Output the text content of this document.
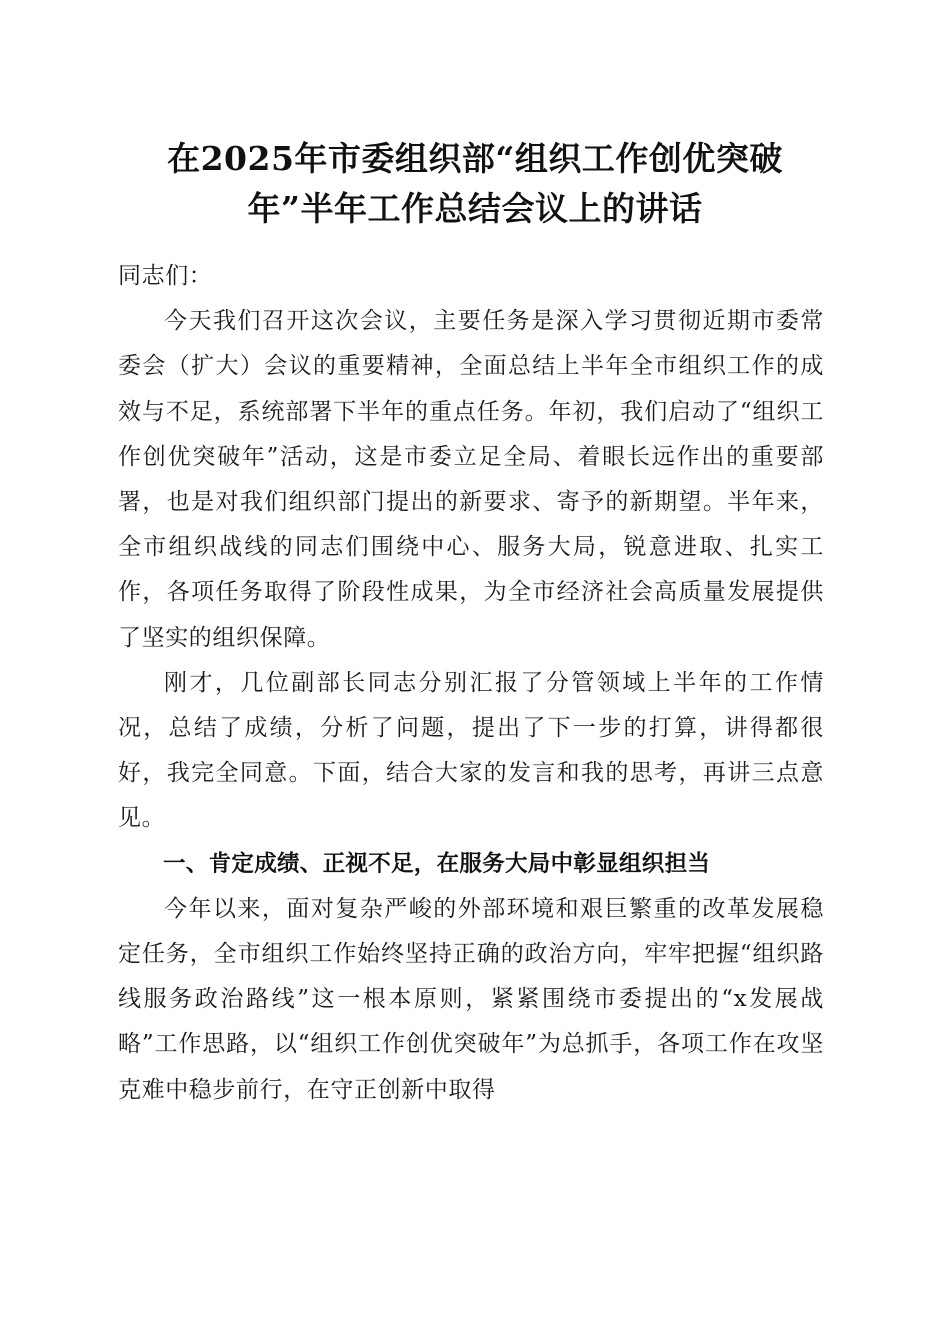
在2025年市委组织部“组织工作创优突破
年”半年工作总结会议上的讲话

同志们：

今天我们召开这次会议，主要任务是深入学习贯彻近期市委常委会（扩大）会议的重要精神，全面总结上半年全市组织工作的成效与不足，系统部署下半年的重点任务。年初，我们启动了“组织工作创优突破年”活动，这是市委立足全局、着眼长远作出的重要部署，也是对我们组织部门提出的新要求、寄予的新期望。半年来，全市组织战线的同志们围绕中心、服务大局，锐意进取、扎实工作，各项任务取得了阶段性成果，为全市经济社会高质量发展提供了坚实的组织保障。

刚才，几位副部长同志分别汇报了分管领域上半年的工作情况，总结了成绩，分析了问题，提出了下一步的打算，讲得都很好，我完全同意。下面，结合大家的发言和我的思考，再讲三点意见。

一、肯定成绩、正视不足，在服务大局中彰显组织担当

今年以来，面对复杂严峻的外部环境和艰巨繁重的改革发展稳定任务，全市组织工作始终坚持正确的政治方向，牢牢把握“组织路线服务政治路线”这一根本原则，紧紧围绕市委提出的“x发展战略”工作思路，以“组织工作创优突破年”为总抓手，各项工作在攻坚克难中稳步前行，在守正创新中取得
